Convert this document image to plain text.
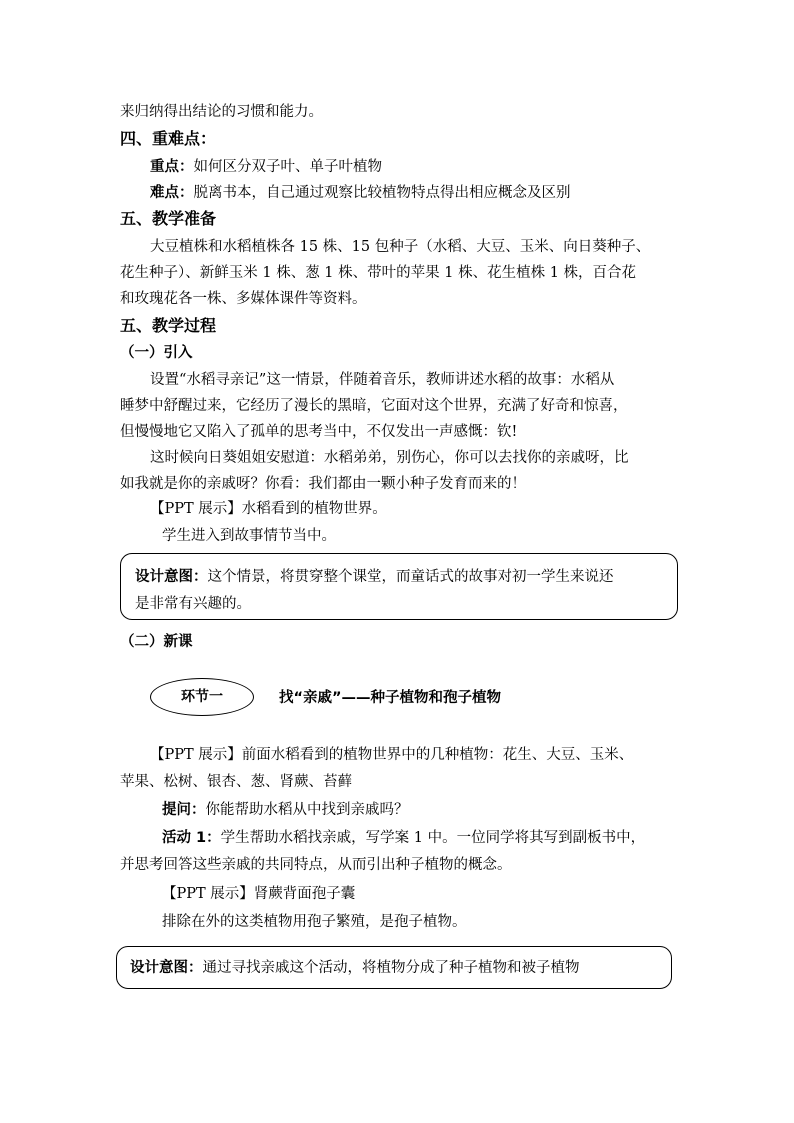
来归纳得出结论的习惯和能力。
四、重难点：
重点：如何区分双子叶、单子叶植物
难点：脱离书本，自己通过观察比较植物特点得出相应概念及区别
五、教学准备
大豆植株和水稻植株各 15 株、15 包种子（水稻、大豆、玉米、向日葵种子、
花生种子）、新鲜玉米 1 株、葱 1 株、带叶的苹果 1 株、花生植株 1 株，百合花
和玫瑰花各一株、多媒体课件等资料。
五、教学过程
（一）引入
设置“水稻寻亲记”这一情景，伴随着音乐，教师讲述水稻的故事：水稻从
睡梦中舒醒过来，它经历了漫长的黑暗，它面对这个世界，充满了好奇和惊喜，
但慢慢地它又陷入了孤单的思考当中，不仅发出一声感慨：钦!
这时候向日葵姐姐安慰道：水稻弟弟，别伤心，你可以去找你的亲戚呀，比
如我就是你的亲戚呀？你看：我们都由一颗小种子发育而来的！
【PPT 展示】水稻看到的植物世界。
学生进入到故事情节当中。
设计意图：这个情景，将贯穿整个课堂，而童话式的故事对初一学生来说还
是非常有兴趣的。
（二）新课
环节一	找“亲戚”——种子植物和孢子植物
【PPT 展示】前面水稻看到的植物世界中的几种植物：花生、大豆、玉米、
苹果、松树、银杏、葱、肾蕨、苔藓
提问：你能帮助水稻从中找到亲戚吗？
活动 1：学生帮助水稻找亲戚，写学案 1 中。一位同学将其写到副板书中，
并思考回答这些亲戚的共同特点，从而引出种子植物的概念。
【PPT 展示】肾蕨背面孢子囊
排除在外的这类植物用孢子繁殖，是孢子植物。
设计意图：通过寻找亲戚这个活动，将植物分成了种子植物和被子植物
